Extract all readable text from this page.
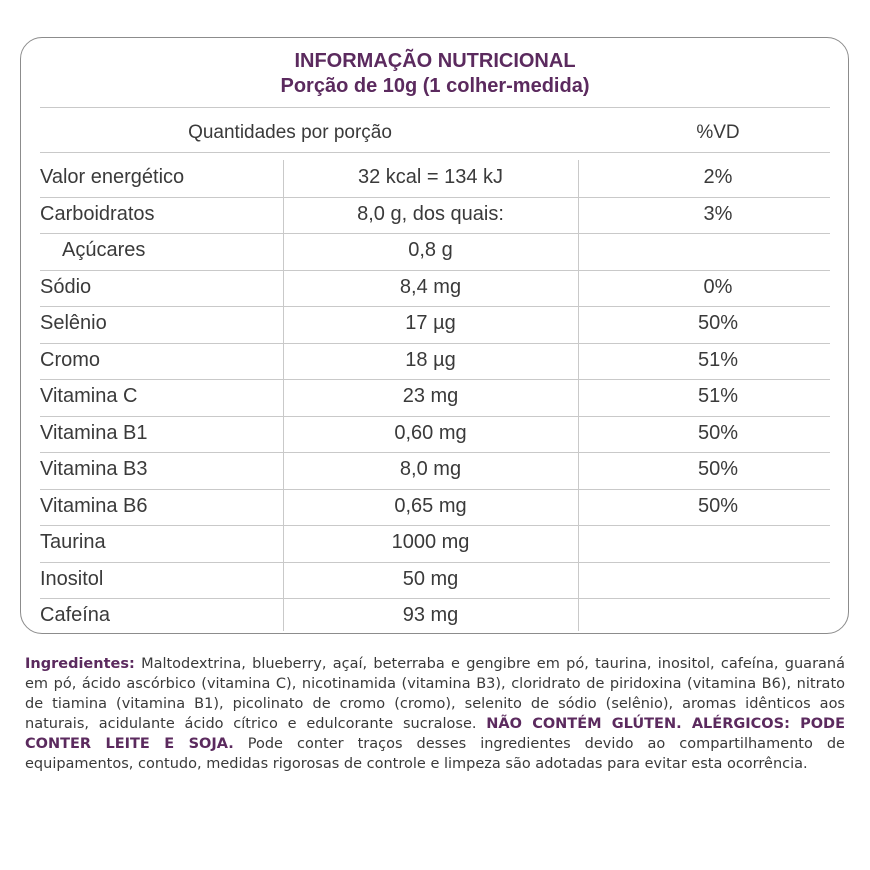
INFORMAÇÃO NUTRICIONAL
Porção de 10g (1 colher-medida)
Quantidades por porção	%VD
Valor energético	32 kcal = 134 kJ	2%
Carboidratos	8,0 g, dos quais:	3%
Açúcares	0,8 g
Sódio	8,4 mg	0%
Selênio	17 µg	50%
Cromo	18 µg	51%
Vitamina C	23 mg	51%
Vitamina B1	0,60 mg	50%
Vitamina B3	8,0 mg	50%
Vitamina B6	0,65 mg	50%
Taurina	1000 mg
Inositol	50 mg
Cafeína	93 mg
Ingredientes: Maltodextrina, blueberry, açaí, beterraba e gengibre em pó, taurina, inositol, cafeína, guaraná em pó, ácido ascórbico (vitamina C), nicotinamida (vitamina B3), cloridrato de piridoxina (vitamina B6), nitrato de tiamina (vitamina B1), picolinato de cromo (cromo), selenito de sódio (selênio), aromas idênticos aos naturais, acidulante ácido cítrico e edulcorante sucralose. NÃO CONTÉM GLÚTEN. ALÉRGICOS: PODE CONTER LEITE E SOJA. Pode conter traços desses ingredientes devido ao compartilhamento de equipamentos, contudo, medidas rigorosas de controle e limpeza são adotadas para evitar esta ocorrência.
